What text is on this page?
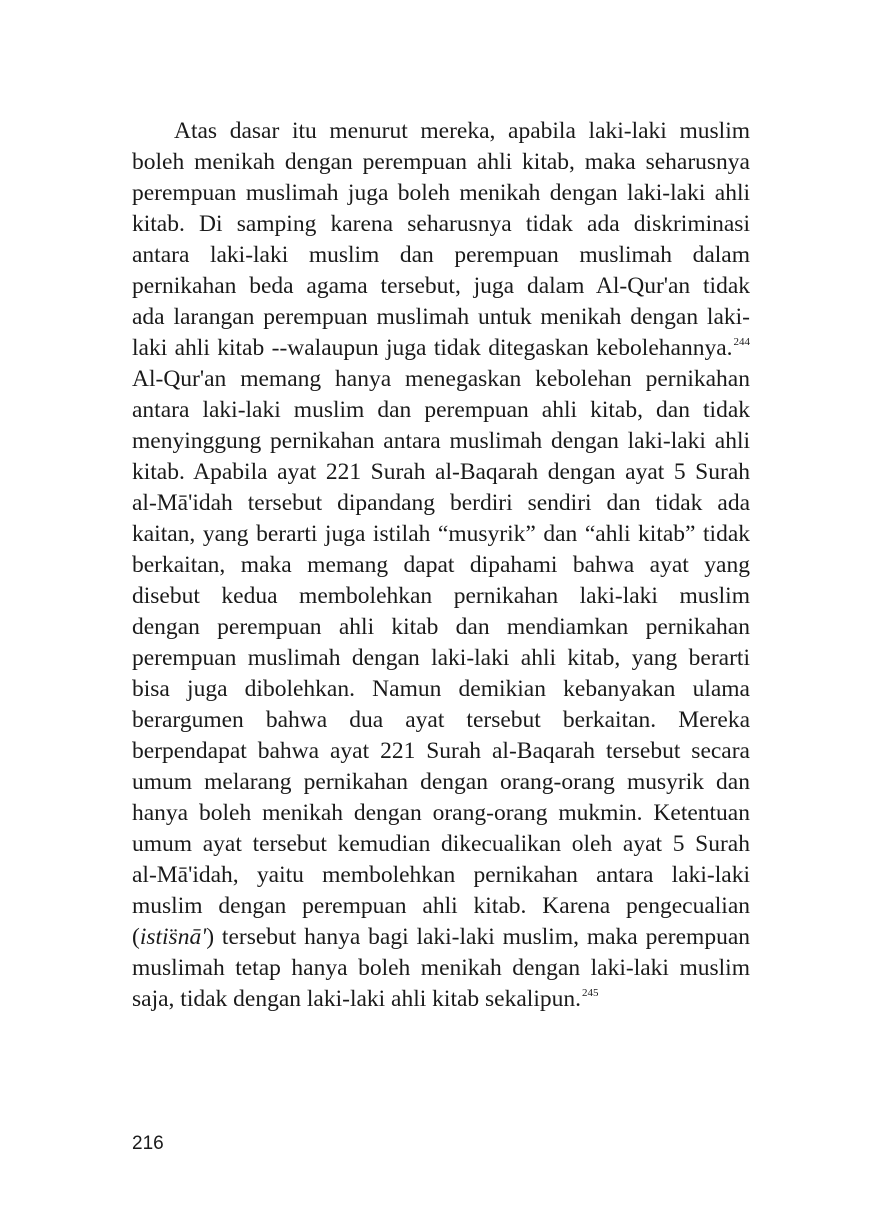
Atas dasar itu menurut mereka, apabila laki-laki muslim
boleh menikah dengan perempuan ahli kitab, maka seharusnya
perempuan muslimah juga boleh menikah dengan laki-laki ahli
kitab. Di samping karena seharusnya tidak ada diskriminasi
antara laki-laki muslim dan perempuan muslimah dalam
pernikahan beda agama tersebut, juga dalam Al-Qur'an tidak
ada larangan perempuan muslimah untuk menikah dengan laki-
laki ahli kitab --walaupun juga tidak ditegaskan kebolehannya.$^{244}$
Al-Qur'an memang hanya menegaskan kebolehan pernikahan
antara laki-laki muslim dan perempuan ahli kitab, dan tidak
menyinggung pernikahan antara muslimah dengan laki-laki ahli
kitab. Apabila ayat 221 Surah al-Baqarah dengan ayat 5 Surah
al-Mā'idah tersebut dipandang berdiri sendiri dan tidak ada
kaitan, yang berarti juga istilah “musyrik” dan “ahli kitab” tidak
berkaitan, maka memang dapat dipahami bahwa ayat yang
disebut kedua membolehkan pernikahan laki-laki muslim
dengan perempuan ahli kitab dan mendiamkan pernikahan
perempuan muslimah dengan laki-laki ahli kitab, yang berarti
bisa juga dibolehkan. Namun demikian kebanyakan ulama
berargumen bahwa dua ayat tersebut berkaitan. Mereka
berpendapat bahwa ayat 221 Surah al-Baqarah tersebut secara
umum melarang pernikahan dengan orang-orang musyrik dan
hanya boleh menikah dengan orang-orang mukmin. Ketentuan
umum ayat tersebut kemudian dikecualikan oleh ayat 5 Surah
al-Mā'idah, yaitu membolehkan pernikahan antara laki-laki
muslim dengan perempuan ahli kitab. Karena pengecualian
(istis̈nā') tersebut hanya bagi laki-laki muslim, maka perempuan
muslimah tetap hanya boleh menikah dengan laki-laki muslim
saja, tidak dengan laki-laki ahli kitab sekalipun.$^{245}$
216
